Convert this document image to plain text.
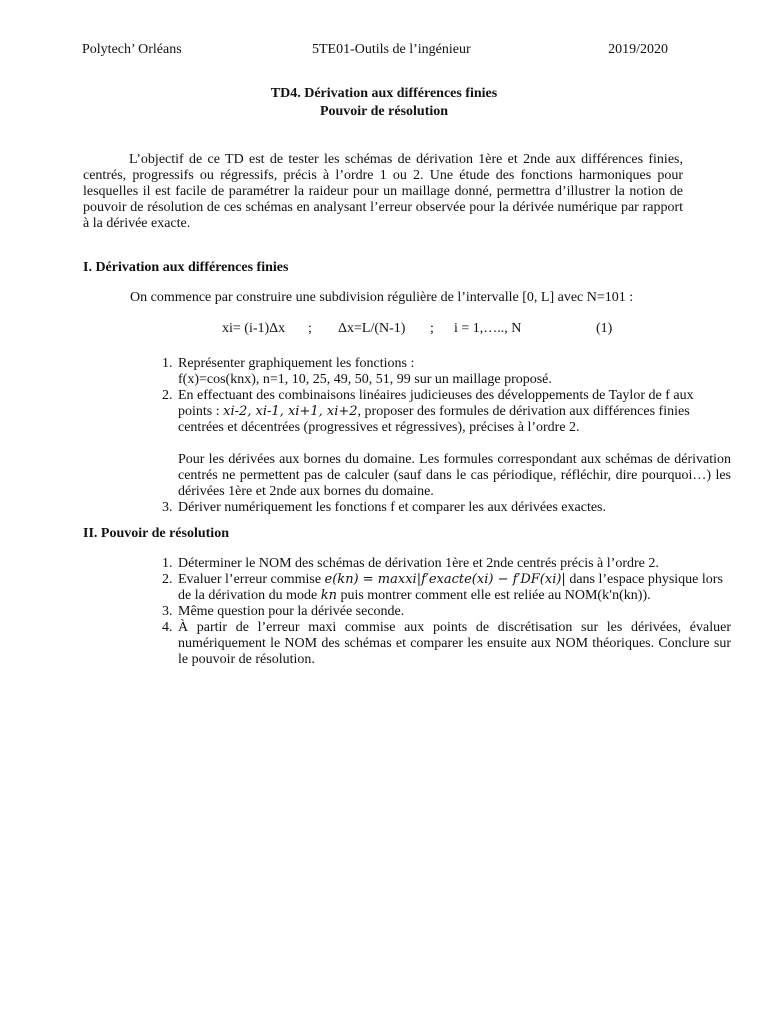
Polytech’ Orléans	5TE01-Outils de l’ingénieur	2019/2020
TD4. Dérivation aux différences finies
Pouvoir de résolution
L’objectif de ce TD est de tester les schémas de dérivation 1ère et 2nde aux différences finies, centrés, progressifs ou régressifs, précis à l’ordre 1 ou 2. Une étude des fonctions harmoniques pour lesquelles il est facile de paramétrer la raideur pour un maillage donné, permettra d’illustrer la notion de pouvoir de résolution de ces schémas en analysant l’erreur observée pour la dérivée numérique par rapport à la dérivée exacte.
I. Dérivation aux différences finies
On commence par construire une subdivision régulière de l’intervalle [0, L] avec N=101 :
xi= (i-1)Δx ; Δx=L/(N-1) ; i = 1,….., N	(1)
1. Représenter graphiquement les fonctions :
f(x)=cos(knx), n=1, 10, 25, 49, 50, 51, 99 sur un maillage proposé.
2. En effectuant des combinaisons linéaires judicieuses des développements de Taylor de f aux points : xi-2, xi-1, xi+1, xi+2, proposer des formules de dérivation aux différences finies centrées et décentrées (progressives et régressives), précises à l’ordre 2.
Pour les dérivées aux bornes du domaine. Les formules correspondant aux schémas de dérivation centrés ne permettent pas de calculer (sauf dans le cas périodique, réfléchir, dire pourquoi…) les dérivées 1ère et 2nde aux bornes du domaine.
3. Dériver numériquement les fonctions f et comparer les aux dérivées exactes.
II. Pouvoir de résolution
1. Déterminer le NOM des schémas de dérivation 1ère et 2nde centrés précis à l’ordre 2.
2. Evaluer l’erreur commise e(kn) = maxxi|f′exacte(xi) − f′DF(xi)| dans l’espace physique lors de la dérivation du mode kn puis montrer comment elle est reliée au NOM(k′n(kn)).
3. Même question pour la dérivée seconde.
4. À partir de l’erreur maxi commise aux points de discrétisation sur les dérivées, évaluer numériquement le NOM des schémas et comparer les ensuite aux NOM théoriques. Conclure sur le pouvoir de résolution.
